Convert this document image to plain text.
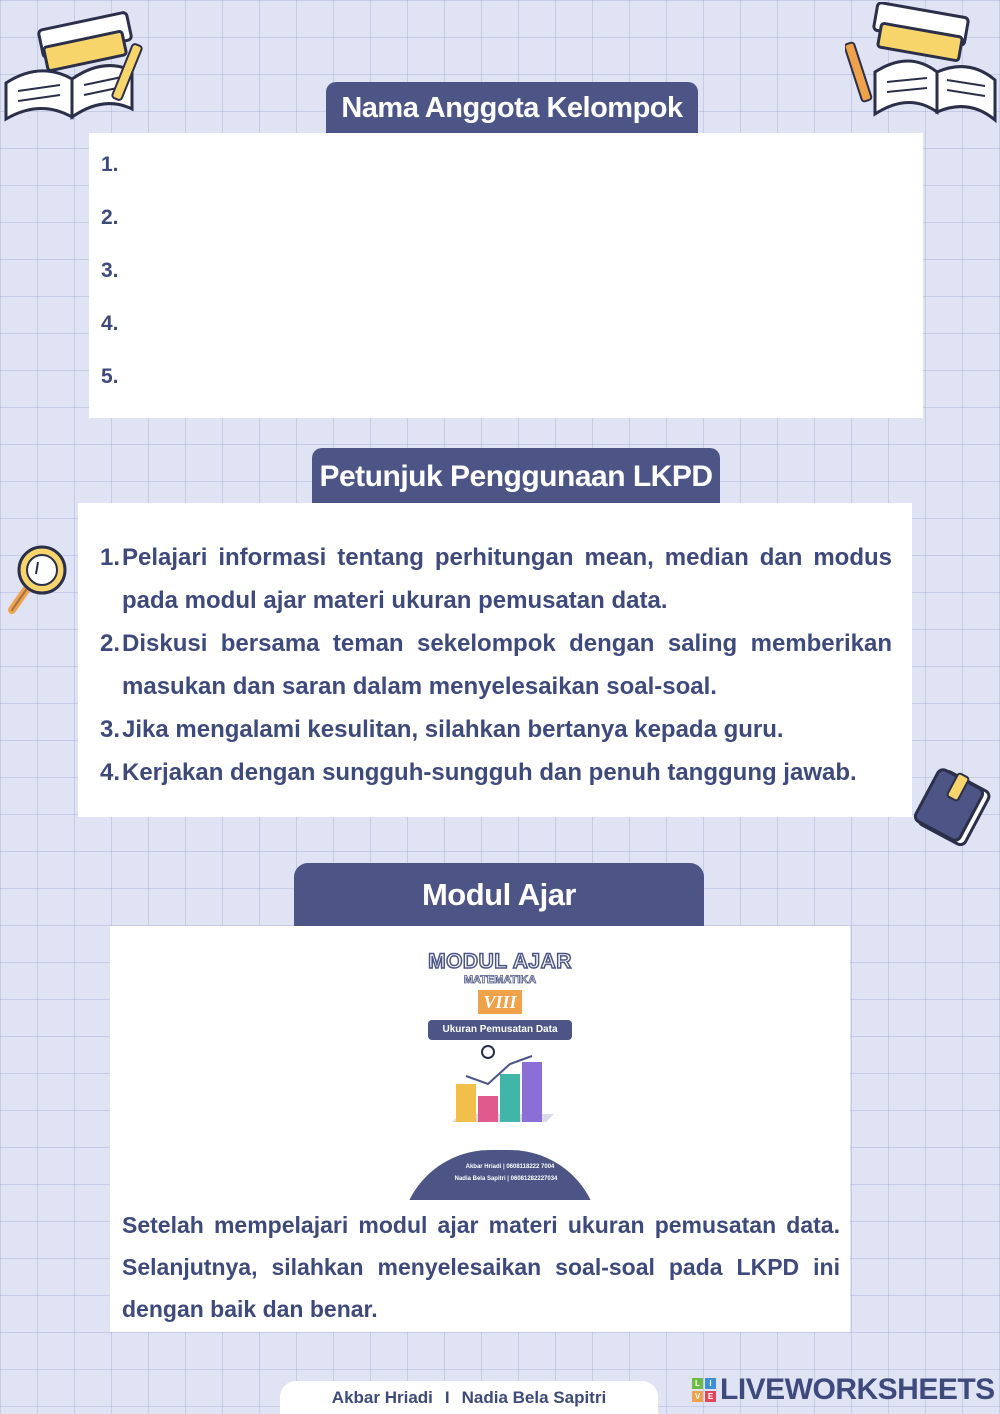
Nama Anggota Kelompok
1.
2.
3.
4.
5.
Petunjuk Penggunaan LKPD
1. Pelajari informasi tentang perhitungan mean, median dan modus pada modul ajar materi ukuran pemusatan data.
2. Diskusi bersama teman sekelompok dengan saling memberikan masukan dan saran dalam menyelesaikan soal-soal.
3. Jika mengalami kesulitan, silahkan bertanya kepada guru.
4. Kerjakan dengan sungguh-sungguh dan penuh tanggung jawab.
Modul Ajar
MODUL AJAR
MATEMATIKA
VIII
Ukuran Pemusatan Data
Akbar Hriadi | 0608118222 7004
Nadia Bela Sapitri | 06081282227034
Setelah mempelajari modul ajar materi ukuran pemusatan data. Selanjutnya, silahkan menyelesaikan soal-soal pada LKPD ini dengan baik dan benar.
Akbar Hriadi I Nadia Bela Sapitri
L	I
V E LIVEWORKSHEETS
